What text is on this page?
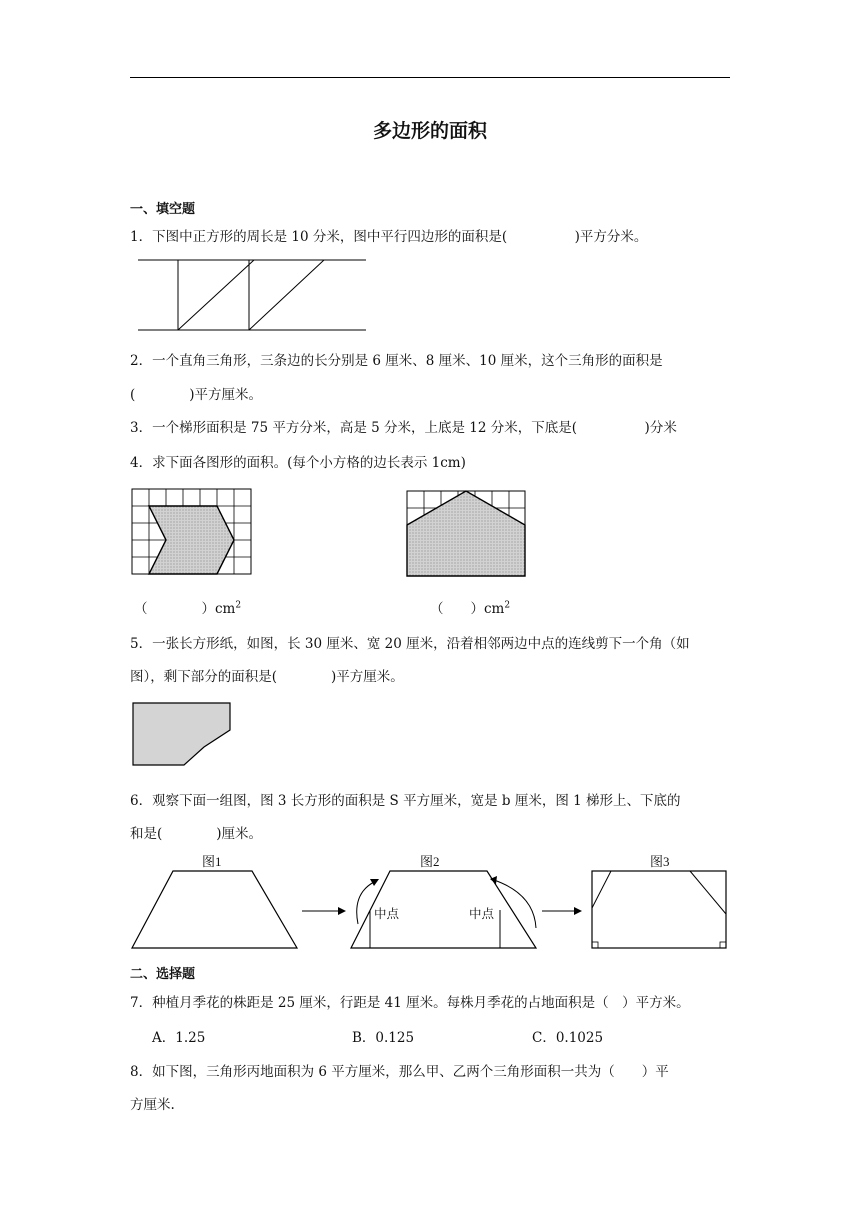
多边形的面积
一、填空题
1．下图中正方形的周长是 10 分米，图中平行四边形的面积是(　　　　　)平方分米。
2．一个直角三角形，三条边的长分别是 6 厘米、8 厘米、10 厘米，这个三角形的面积是
(　　　　)平方厘米。
3．一个梯形面积是 75 平方分米，高是 5 分米，上底是 12 分米，下底是(　　　　　)分米
4．求下面各图形的面积。(每个小方格的边长表示 1cm)
（　　　　）$cm^2$	（　　）$cm^2$
5．一张长方形纸，如图，长 30 厘米、宽 20 厘米，沿着相邻两边中点的连线剪下一个角（如
图），剩下部分的面积是(　　　　)平方厘米。
6．观察下面一组图，图 3 长方形的面积是 S 平方厘米，宽是 b 厘米，图 1 梯形上、下底的
和是(　　　　)厘米。
图1	图2	图3
中点	中点
二、选择题
7．种植月季花的株距是 25 厘米，行距是 41 厘米。每株月季花的占地面积是（　）平方米。
A．1.25	B．0.125	C．0.1025
8．如下图，三角形丙地面积为 6 平方厘米，那么甲、乙两个三角形面积一共为（　　）平
方厘米.
